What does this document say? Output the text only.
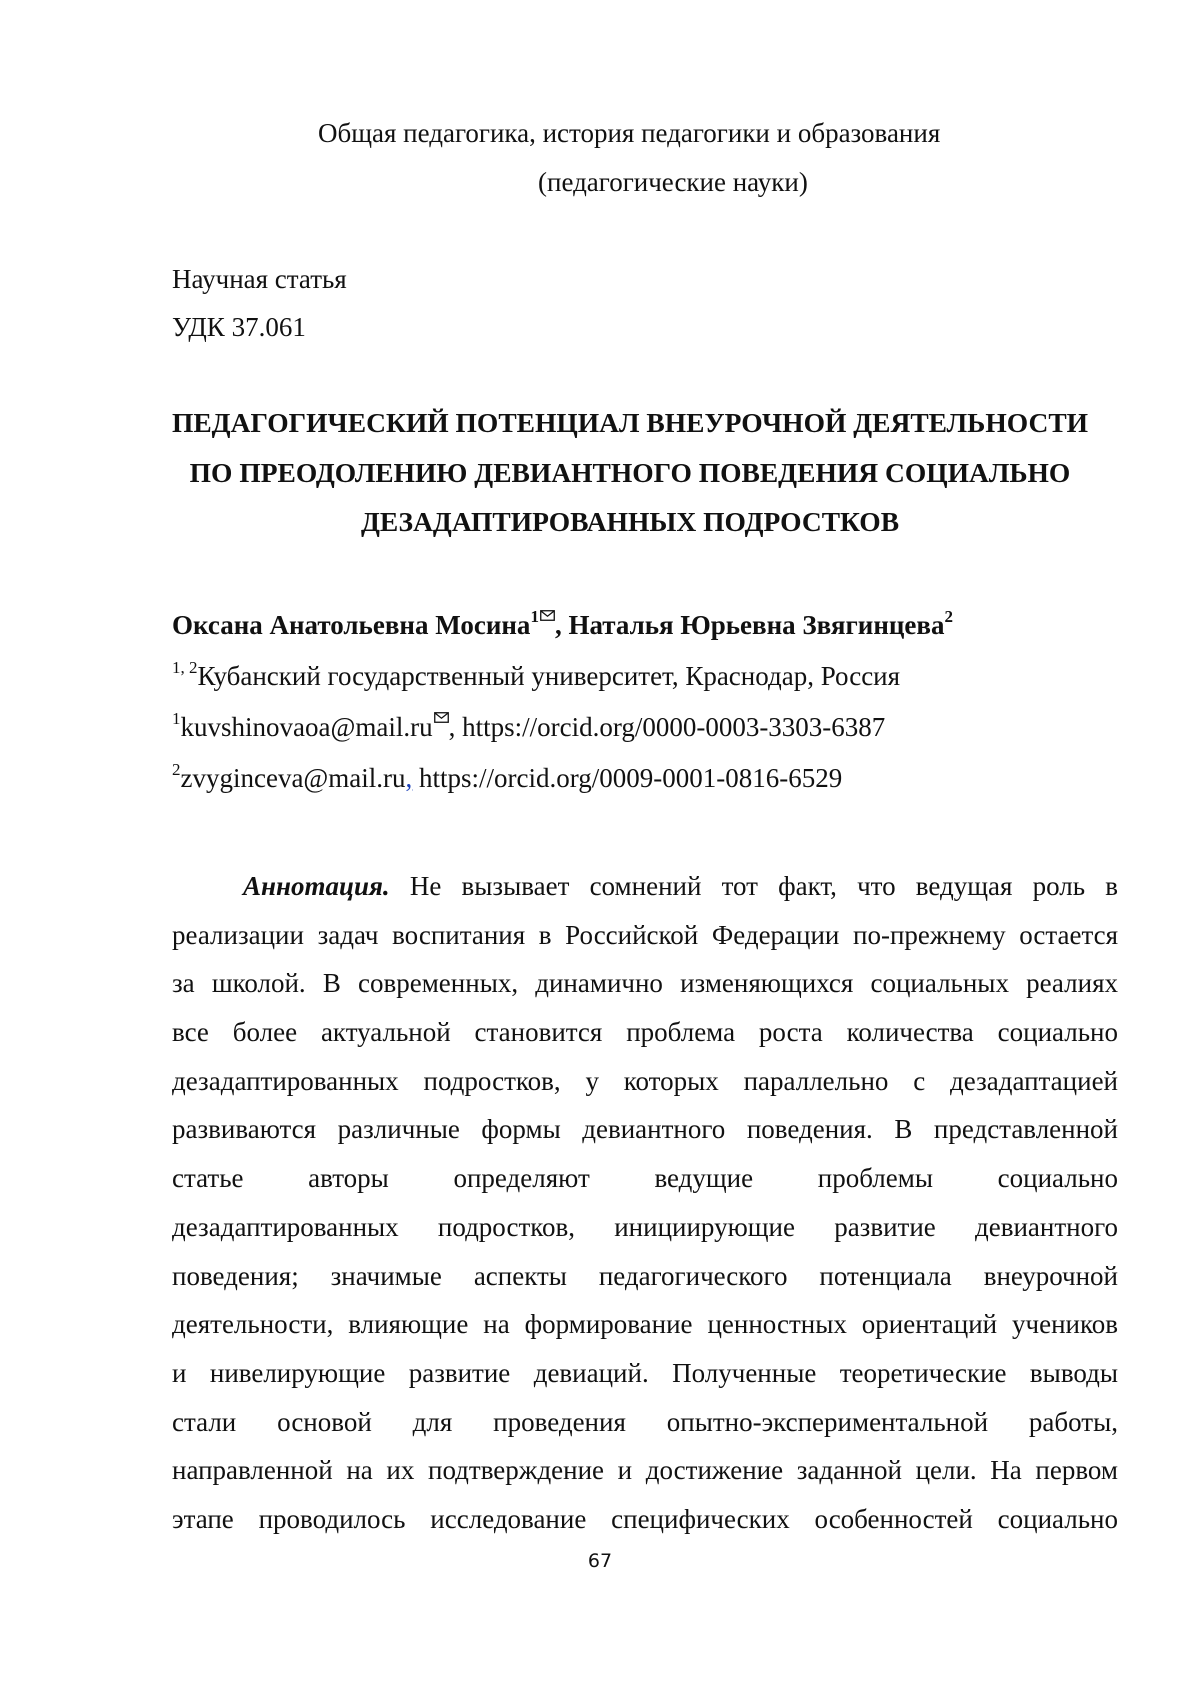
Общая педагогика, история педагогики и образования
(педагогические науки)
Научная статья
УДК 37.061
ПЕДАГОГИЧЕСКИЙ ПОТЕНЦИАЛ ВНЕУРОЧНОЙ ДЕЯТЕЛЬНОСТИ
ПО ПРЕОДОЛЕНИЮ ДЕВИАНТНОГО ПОВЕДЕНИЯ СОЦИАЛЬНО
ДЕЗАДАПТИРОВАННЫХ ПОДРОСТКОВ
Оксана Анатольевна Мосина$^1$ , Наталья Юрьевна Звягинцева$^2$
$^{1, 2}$Кубанский государственный университет, Краснодар, Россия
$^1$kuvshinovaoa@mail.ru , https://orcid.org/0000-0003-3303-6387
$^2$zvyginceva@mail.ru, https://orcid.org/0009-0001-0816-6529
Аннотация. Не вызывает сомнений тот факт, что ведущая роль в
реализации задач воспитания в Российской Федерации по-прежнему остается
за школой. В современных, динамично изменяющихся социальных реалиях
все более актуальной становится проблема роста количества социально
дезадаптированных подростков, у которых параллельно с дезадаптацией
развиваются различные формы девиантного поведения. В представленной
статье авторы определяют ведущие проблемы социально
дезадаптированных подростков, инициирующие развитие девиантного
поведения; значимые аспекты педагогического потенциала внеурочной
деятельности, влияющие на формирование ценностных ориентаций учеников
и нивелирующие развитие девиаций. Полученные теоретические выводы
стали основой для проведения опытно-экспериментальной работы,
направленной на их подтверждение и достижение заданной цели. На первом
этапе проводилось исследование специфических особенностей социально
67
